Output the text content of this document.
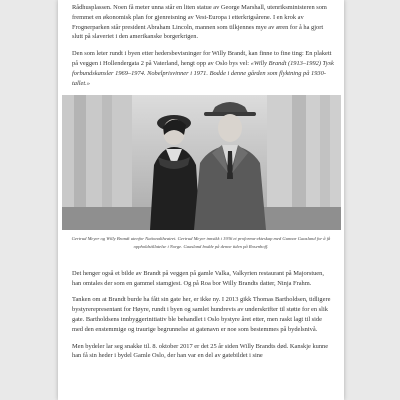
Rådhusplassen. Noen få meter unna står en liten statue av George Marshall, utenriksministeren som fremmet en økonomisk plan for gjenreisning av Vest-Europa i etterkrigsårene. I en krok av Frognerparken står president Abraham Lincoln, mannen som tilkjennes mye av æren for å ha gjort slutt på slaveriet i den amerikanske borgerkrigen.

Den som leter rundt i byen etter hedersbevisninger for Willy Brandt, kan finne to fine ting: En plakett på veggen i Hollendergata 2 på Vaterland, hengt opp av Oslo bys vel: «Willy Brandt (1913–1992) Tysk forbundskansler 1969–1974. Nobelprisvinner i 1971. Bodde i denne gården som flyktning på 1930-tallet.»

Gertrud Meyer og Willy Brandt utenfor Nationaltheatret. Gertrud Meyer innsikk i 1936 et proforma-ekteskap med Gunnar Gaasland for å få oppholdstillatelse i Norge. Gaasland bodde på denne tiden på Rosenhoff.

Det henger også et bilde av Brandt på veggen på gamle Valka, Valkyrien restaurant på Majorstuen, han omtales der som en gammel stamgjest. Og på Roa bor Willy Brandts datter, Ninja Frahm.

Tanken om at Brandt burde ha fått sin gate her, er ikke ny. I 2013 gikk Thomas Bartholdsen, tidligere bystyrerepresentant for Høyre, rundt i byen og samlet hundrevis av underskrifter til støtte for en slik gate. Bartholdsens innbyggerinitiativ ble behandlet i Oslo bystyre året etter, men raskt lagt til side med den enstemmige og traurige begrunnelse at gatenavn er noe som bestemmes på bydelsnivå.

Men bydeler lar seg snakke til. 8. oktober 2017 er det 25 år siden Willy Brandts død. Kanskje kunne han få sin heder i bydel Gamle Oslo, der han var en del av gatebildet i sine
